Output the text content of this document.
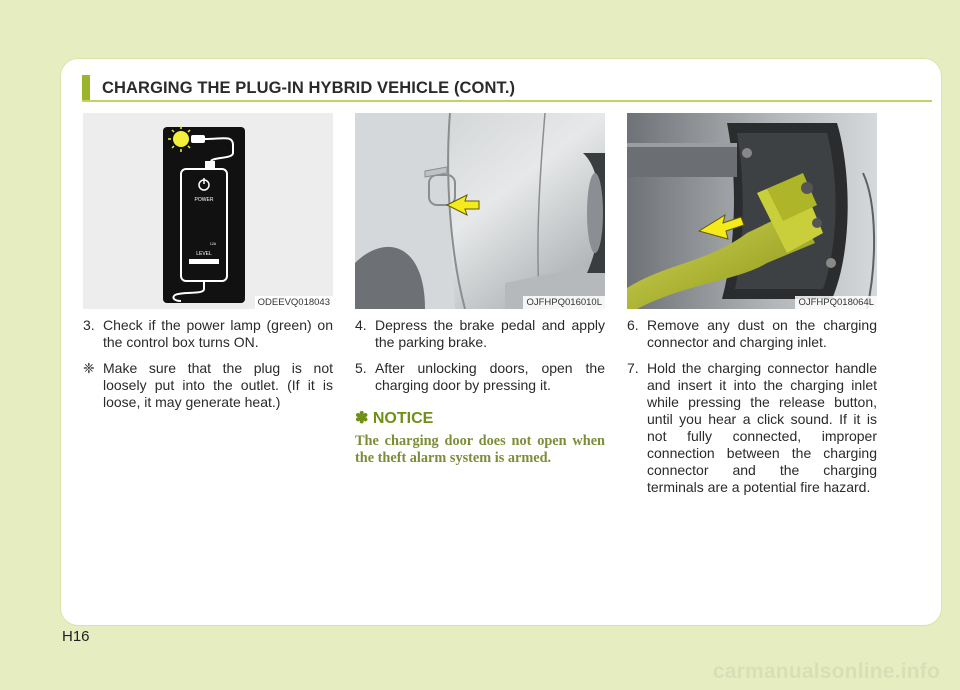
CHARGING THE PLUG-IN HYBRID VEHICLE (CONT.)
POWER
LEVEL
12A
ODEEVQ018043
3. Check if the power lamp (green) on the control box turns ON.
❈ Make sure that the plug is not loosely put into the outlet. (If it is loose, it may generate heat.)
OJFHPQ016010L
4. Depress the brake pedal and apply the parking brake.
5. After unlocking doors, open the charging door by pressing it.
✽ NOTICE
The charging door does not open when the theft alarm system is armed.
OJFHPQ018064L
6. Remove any dust on the charging connector and charging inlet.
7. Hold the charging connector handle and insert it into the charging inlet while pressing the release button, until you hear a click sound. If it is not fully connected, improper connection between the charging connector and the charging terminals are a potential fire hazard.
H16
carmanualsonline.info
